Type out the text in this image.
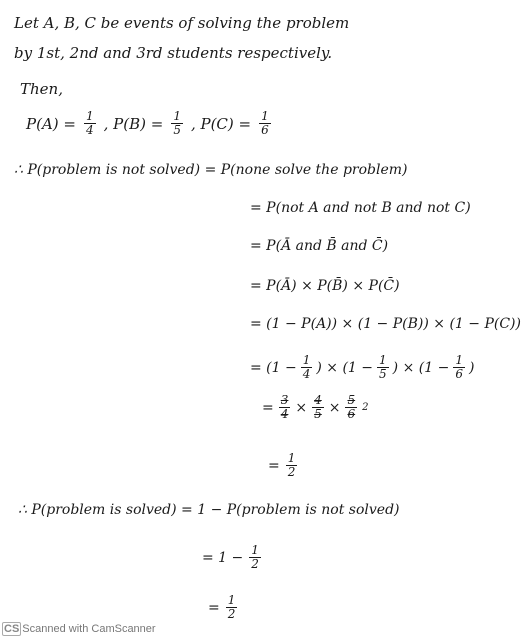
Let A, B, C be events of solving the problem
by 1st, 2nd and 3rd students respectively.
Then,
$P(A) = \frac{1}{4}$ , $P(B) = \frac{1}{5}$ , $P(C) = \frac{1}{6}$
∴ P(problem is not solved) = P(none solve the problem)
= P(not A and not B and not C)
= P(Ā and B̄ and C̄)
= P(Ā) × P(B̄) × P(C̄)
= (1 − P(A)) × (1 − P(B)) × (1 − P(C))
= ($1 - \frac{1}{4}$ ) × ($1 - \frac{1}{5}$ ) × ($1 - \frac{1}{6}$ )
= $\frac{3}{4} \times \frac{4}{5} \times \frac{5}{6} 2$
= $\frac{1}{2}$
∴ P(problem is solved) = 1 − P(problem is not solved)
= $1 - \frac{1}{2}$
= $\frac{1}{2}$
CS Scanned with CamScanner
